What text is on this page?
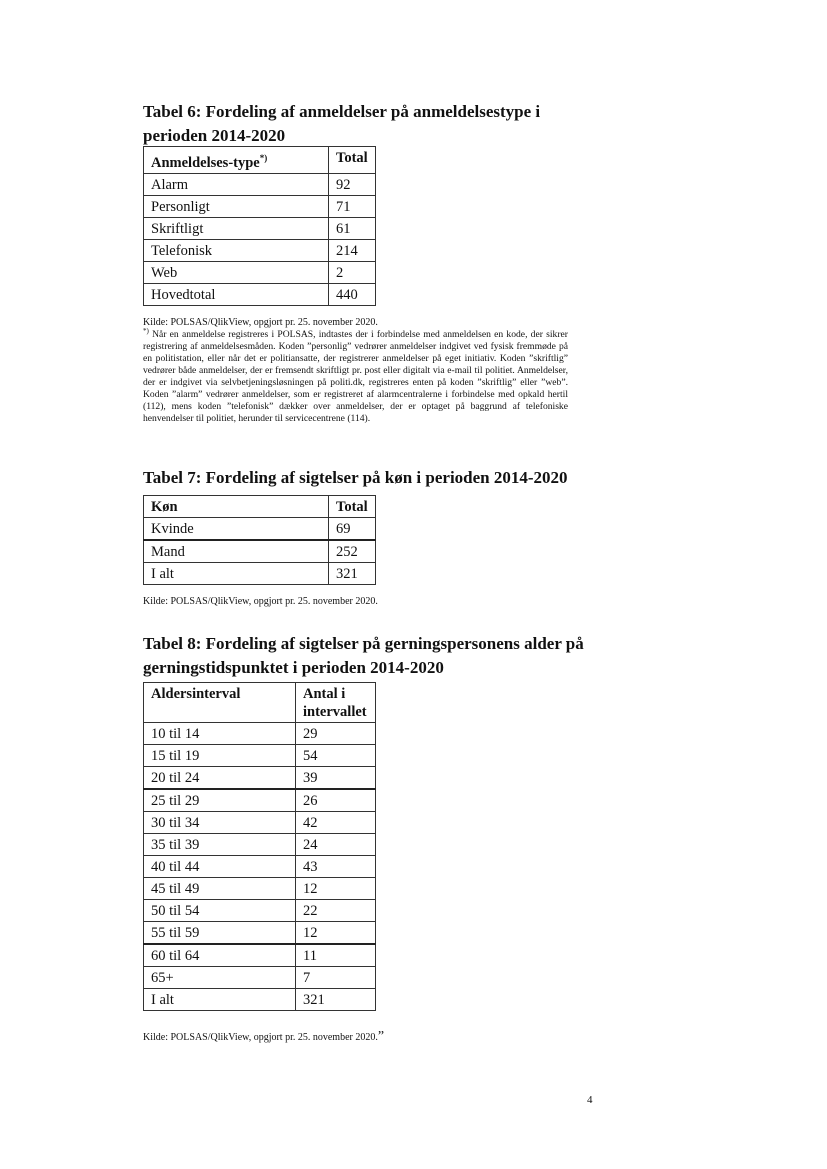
Tabel 6: Fordeling af anmeldelser på anmeldelsestype i
perioden 2014-2020
Anmeldelses-type*)	Total
Alarm	92
Personligt	71
Skriftligt	61
Telefonisk	214
Web	2
Hovedtotal	440

Kilde: POLSAS/QlikView, opgjort pr. 25. november 2020.

*) Når en anmeldelse registreres i POLSAS, indtastes der i forbindelse med anmeldelsen en kode, der sikrer registrering af anmeldelsesmåden. Koden ”personlig” vedrører anmeldelser indgivet ved fysisk fremmøde på en politistation, eller når det er politiansatte, der registrerer anmeldelser på eget initiativ. Koden ”skriftlig” vedrører både anmeldelser, der er fremsendt skriftligt pr. post eller digitalt via e-mail til politiet. Anmeldelser, der er indgivet via selvbetjeningsløsningen på politi.dk, registreres enten på koden ”skriftlig” eller ”web”. Koden ”alarm” vedrører anmeldelser, som er registreret af alarmcentralerne i forbindelse med opkald hertil (112), mens koden ”telefonisk” dækker over anmeldelser, der er optaget på baggrund af telefoniske henvendelser til politiet, herunder til servicecentrene (114).

Tabel 7: Fordeling af sigtelser på køn i perioden 2014-2020
Køn	Total
Kvinde	69
Mand	252
I alt	321

Kilde: POLSAS/QlikView, opgjort pr. 25. november 2020.

Tabel 8: Fordeling af sigtelser på gerningspersonens alder på
gerningstidspunktet i perioden 2014-2020
Aldersinterval	Antal i
intervallet
10 til 14	29
15 til 19	54
20 til 24	39
25 til 29	26
30 til 34	42
35 til 39	24
40 til 44	43
45 til 49	12
50 til 54	22
55 til 59	12
60 til 64	11
65+	7
I alt	321

Kilde: POLSAS/QlikView, opgjort pr. 25. november 2020.”

4
